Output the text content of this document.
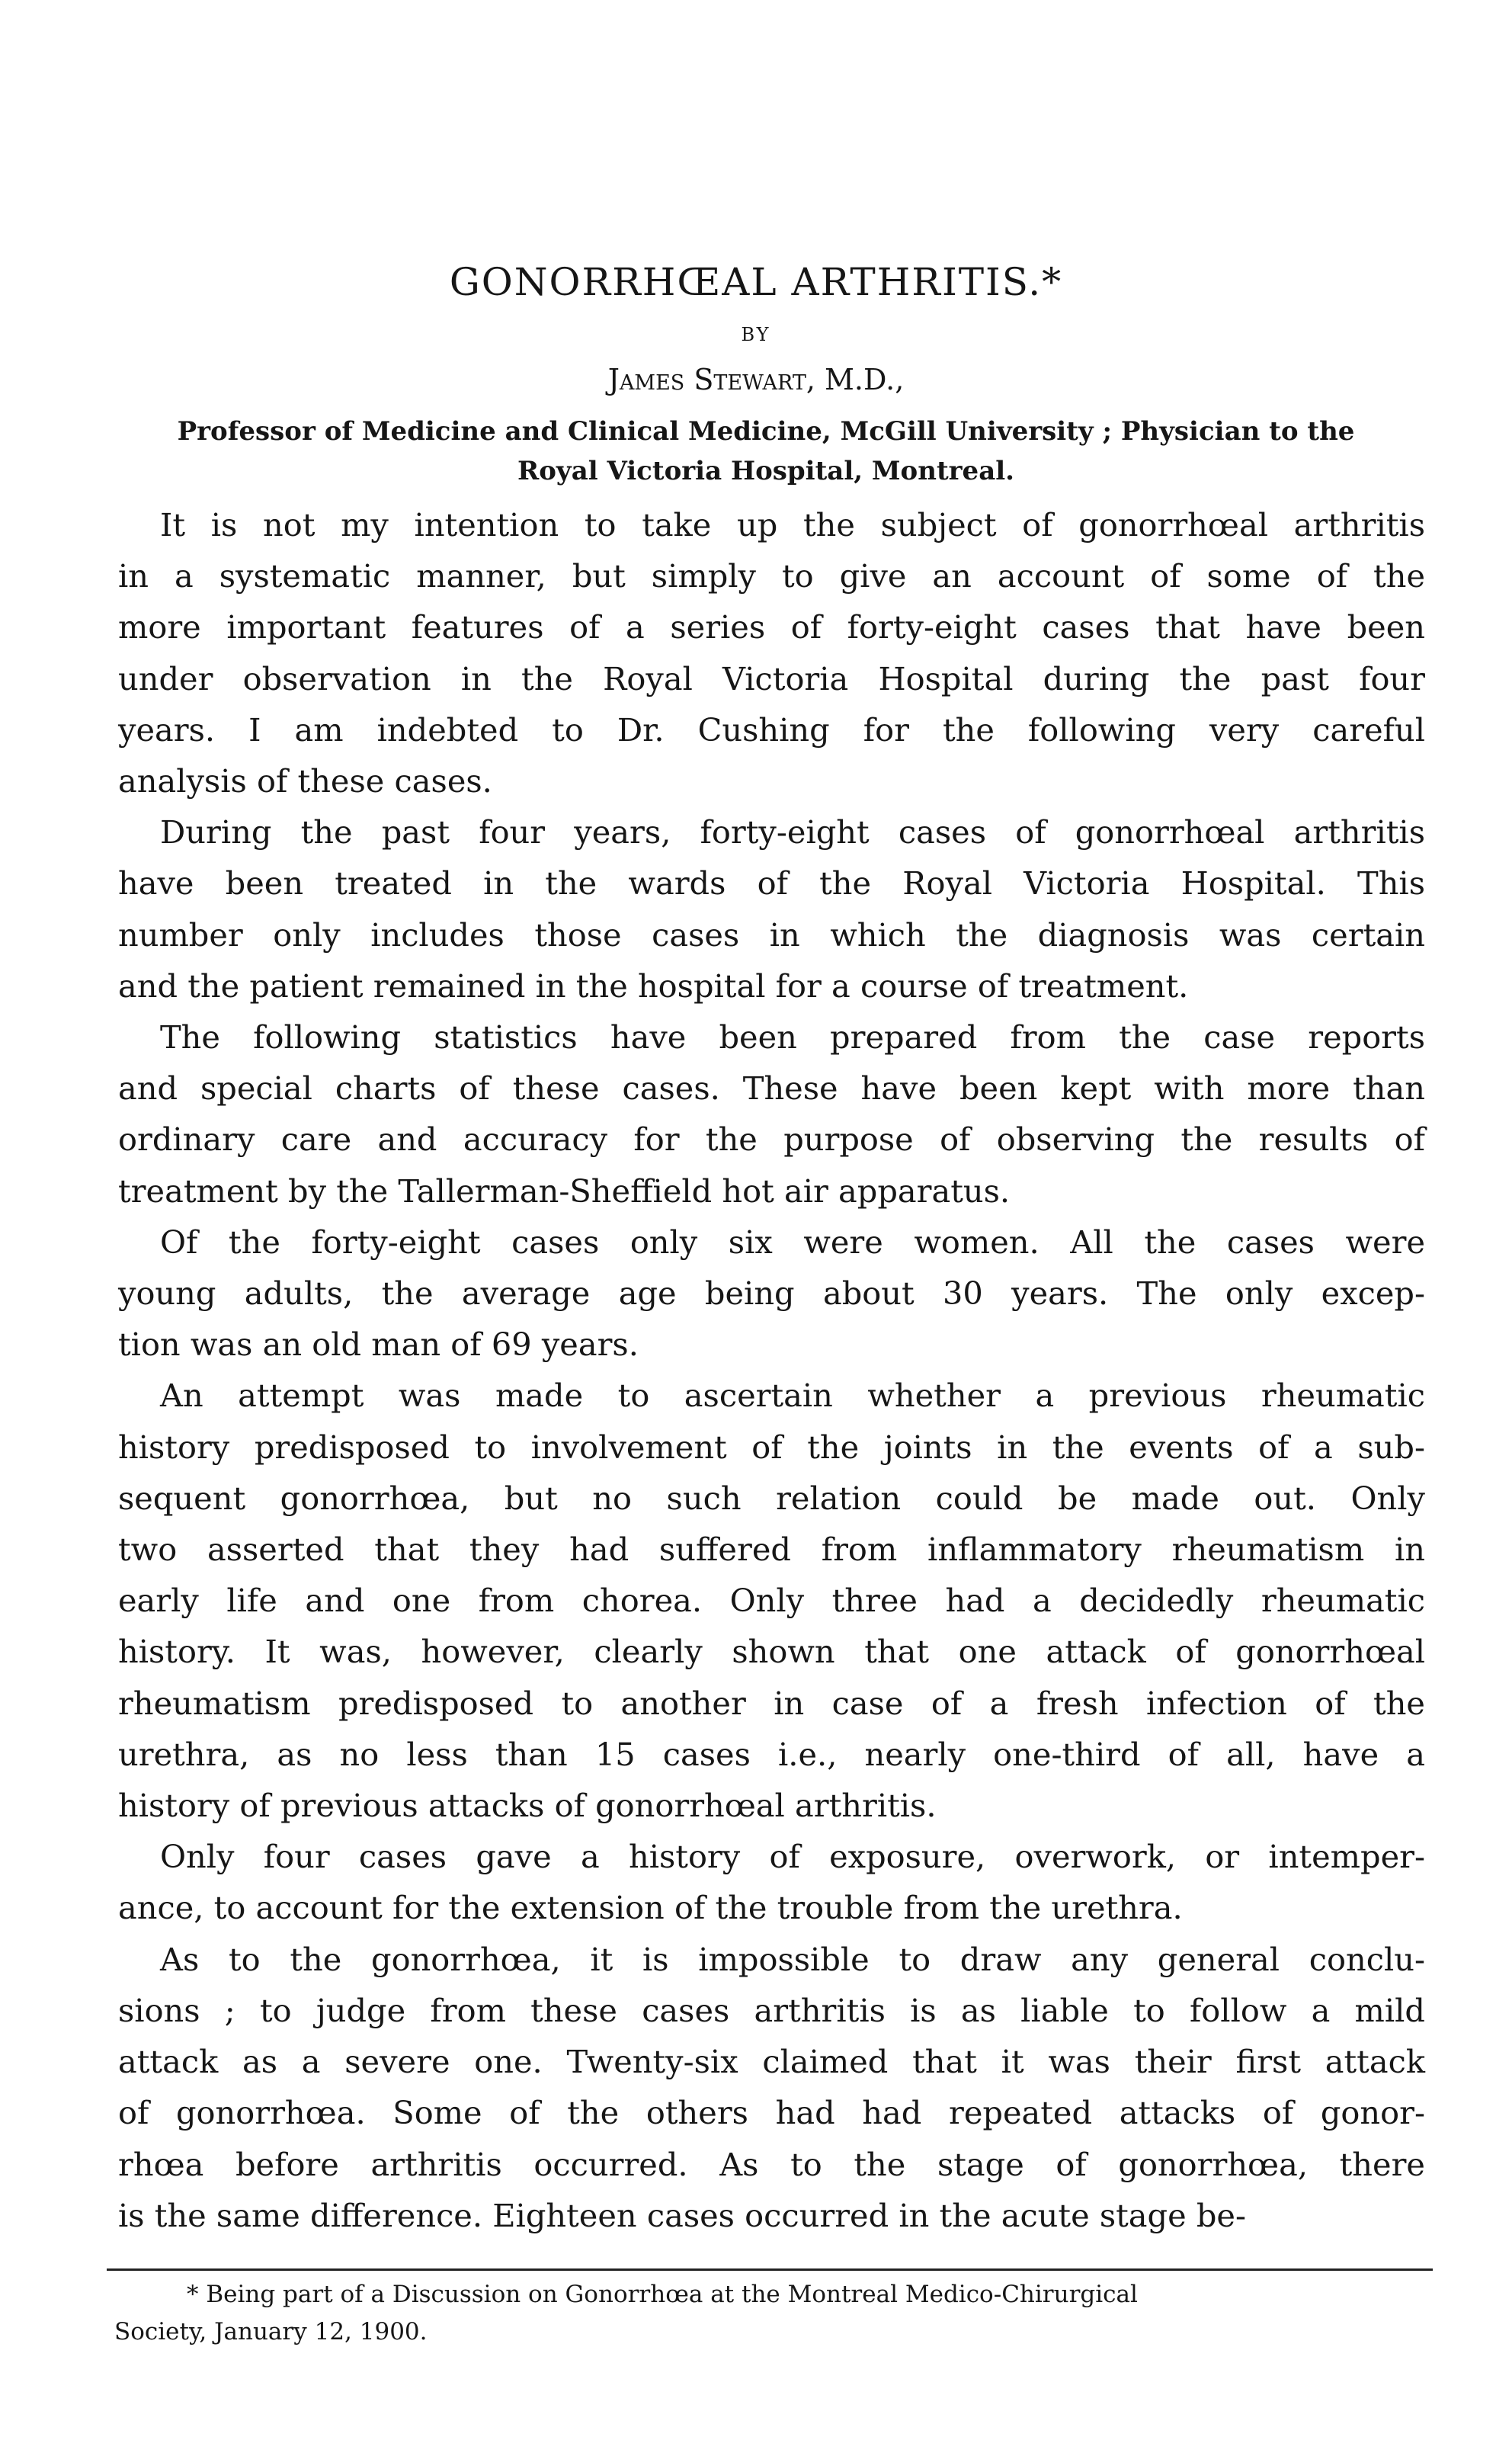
GONORRHŒAL ARTHRITIS.*
BY
James Stewart, M.D.,
Professor of Medicine and Clinical Medicine, McGill University ; Physician to the
Royal Victoria Hospital, Montreal.
It is not my intention to take up the subject of gonorrhœal arthritis
in a systematic manner, but simply to give an account of some of the
more important features of a series of forty-eight cases that have been
under observation in the Royal Victoria Hospital during the past four
years. I am indebted to Dr. Cushing for the following very careful
analysis of these cases.
During the past four years, forty-eight cases of gonorrhœal arthritis
have been treated in the wards of the Royal Victoria Hospital. This
number only includes those cases in which the diagnosis was certain
and the patient remained in the hospital for a course of treatment.
The following statistics have been prepared from the case reports
and special charts of these cases. These have been kept with more than
ordinary care and accuracy for the purpose of observing the results of
treatment by the Tallerman-Sheffield hot air apparatus.
Of the forty-eight cases only six were women. All the cases were
young adults, the average age being about 30 years. The only excep-
tion was an old man of 69 years.
An attempt was made to ascertain whether a previous rheumatic
history predisposed to involvement of the joints in the events of a sub-
sequent gonorrhœa, but no such relation could be made out. Only
two asserted that they had suffered from inflammatory rheumatism in
early life and one from chorea. Only three had a decidedly rheumatic
history. It was, however, clearly shown that one attack of gonorrhœal
rheumatism predisposed to another in case of a fresh infection of the
urethra, as no less than 15 cases i.e., nearly one-third of all, have a
history of previous attacks of gonorrhœal arthritis.
Only four cases gave a history of exposure, overwork, or intemper-
ance, to account for the extension of the trouble from the urethra.
As to the gonorrhœa, it is impossible to draw any general conclu-
sions ; to judge from these cases arthritis is as liable to follow a mild
attack as a severe one. Twenty-six claimed that it was their first attack
of gonorrhœa. Some of the others had had repeated attacks of gonor-
rhœa before arthritis occurred. As to the stage of gonorrhœa, there
is the same difference. Eighteen cases occurred in the acute stage be-
* Being part of a Discussion on Gonorrhœa at the Montreal Medico-Chirurgical
Society, January 12, 1900.
